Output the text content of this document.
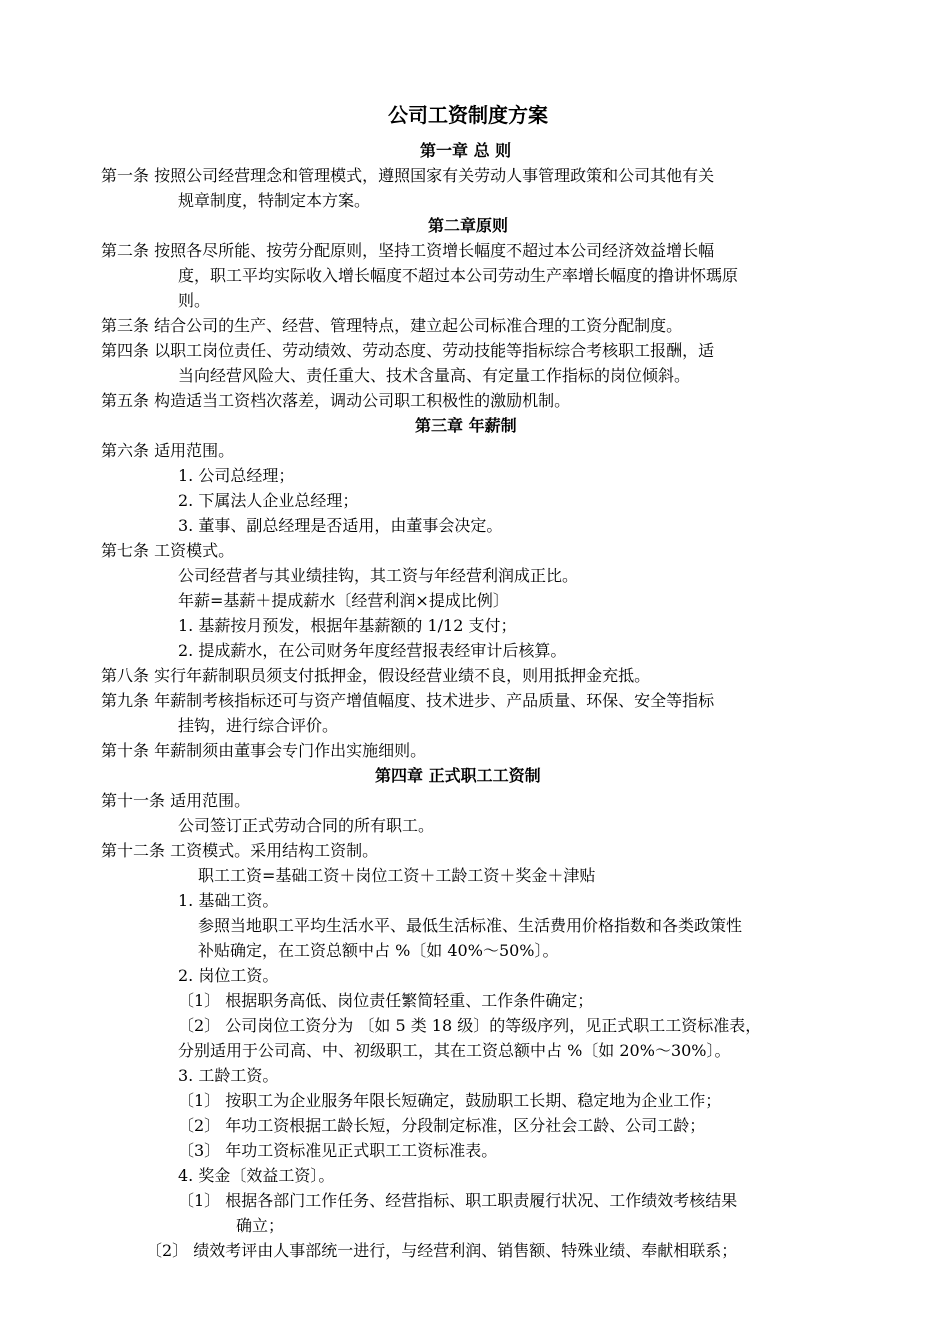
公司工资制度方案
第一章 总 则
第一条 按照公司经营理念和管理模式，遵照国家有关劳动人事管理政策和公司其他有关
规章制度，特制定本方案。
第二章原则
第二条 按照各尽所能、按劳分配原则，坚持工资增长幅度不超过本公司经济效益增长幅
度，职工平均实际收入增长幅度不超过本公司劳动生产率增长幅度的撸讲怀瑪原
则。
第三条 结合公司的生产、经营、管理特点，建立起公司标准合理的工资分配制度。
第四条 以职工岗位责任、劳动绩效、劳动态度、劳动技能等指标综合考核职工报酬，适
当向经营风险大、责任重大、技术含量高、有定量工作指标的岗位倾斜。
第五条 构造适当工资档次落差，调动公司职工积极性的激励机制。
第三章 年薪制
第六条 适用范围。
1. 公司总经理；
2. 下属法人企业总经理；
3. 董事、副总经理是否适用，由董事会决定。
第七条 工资模式。
公司经营者与其业绩挂钩，其工资与年经营利润成正比。
年薪=基薪＋提成薪水〔经营利润×提成比例〕
1. 基薪按月预发，根据年基薪额的 1/12 支付；
2. 提成薪水，在公司财务年度经营报表经审计后核算。
第八条 实行年薪制职员须支付抵押金，假设经营业绩不良，则用抵押金充抵。
第九条 年薪制考核指标还可与资产增值幅度、技术进步、产品质量、环保、安全等指标
挂钩，进行综合评价。
第十条 年薪制须由董事会专门作出实施细则。
第四章 正式职工工资制
第十一条 适用范围。
公司签订正式劳动合同的所有职工。
第十二条 工资模式。采用结构工资制。
职工工资=基础工资＋岗位工资＋工龄工资＋奖金＋津贴
1. 基础工资。
参照当地职工平均生活水平、最低生活标准、生活费用价格指数和各类政策性
补贴确定，在工资总额中占 %〔如 40%～50%〕。
2. 岗位工资。
〔1〕 根据职务高低、岗位责任繁简轻重、工作条件确定；
〔2〕 公司岗位工资分为 〔如 5 类 18 级〕的等级序列，见正式职工工资标准表，
分别适用于公司高、中、初级职工，其在工资总额中占 %〔如 20%～30%〕。
3. 工龄工资。
〔1〕 按职工为企业服务年限长短确定，鼓励职工长期、稳定地为企业工作；
〔2〕 年功工资根据工龄长短，分段制定标准，区分社会工龄、公司工龄；
〔3〕 年功工资标准见正式职工工资标准表。
4. 奖金〔效益工资〕。
〔1〕 根据各部门工作任务、经营指标、职工职责履行状况、工作绩效考核结果
确立；
〔2〕 绩效考评由人事部统一进行，与经营利润、销售额、特殊业绩、奉献相联系；
